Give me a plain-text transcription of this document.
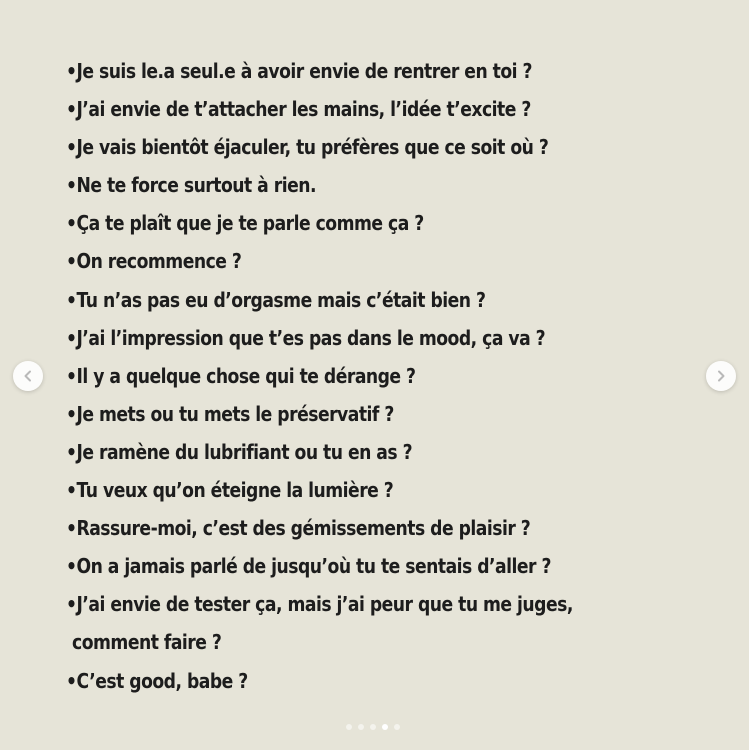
•Je suis le.a seul.e à avoir envie de rentrer en toi ?
•J’ai envie de t’attacher les mains, l’idée t’excite ?
•Je vais bientôt éjaculer, tu préfères que ce soit où ?
•Ne te force surtout à rien.
•Ça te plaît que je te parle comme ça ?
•On recommence ?
•Tu n’as pas eu d’orgasme mais c’était bien ?
•J’ai l’impression que t’es pas dans le mood, ça va ?
•Il y a quelque chose qui te dérange ?
•Je mets ou tu mets le préservatif ?
•Je ramène du lubrifiant ou tu en as ?
•Tu veux qu’on éteigne la lumière ?
•Rassure-moi, c’est des gémissements de plaisir ?
•On a jamais parlé de jusqu’où tu te sentais d’aller ?
•J’ai envie de tester ça, mais j’ai peur que tu me juges,
comment faire ?
•C’est good, babe ?
